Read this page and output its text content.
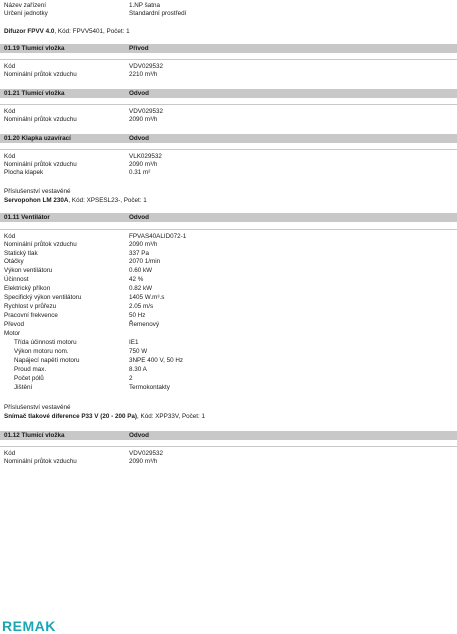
Název zařízení	1.NP šatna
Určení jednotky	Standardní prostředí
Difuzor FPVV 4.0, Kód: FPVV5401, Počet: 1
01.19 Tlumicí vložka	Přívod
Kód	VDV029532
Nominální průtok vzduchu	2210 m³/h
01.21 Tlumicí vložka	Odvod
Kód	VDV029532
Nominální průtok vzduchu	2090 m³/h
01.20 Klapka uzavírací	Odvod
Kód	VLK029532
Nominální průtok vzduchu	2090 m³/h
Plocha klapek	0.31 m²
Příslušenství vestavěné
Servopohon LM 230A, Kód: XPSESL23-, Počet: 1
01.11 Ventilátor	Odvod
Kód	FPVAS40ALID072-1
Nominální průtok vzduchu	2090 m³/h
Statický tlak	337 Pa
Otáčky	2070 1/min
Výkon ventilátoru	0.60 kW
Účinnost	42 %
Elektrický příkon	0.82 kW
Specifický výkon ventilátoru	1405 W.m³.s
Rychlost v průřezu	2.05 m/s
Pracovní frekvence	50 Hz
Převod	Řemenový
Motor
Třída účinnosti motoru	IE1
Výkon motoru nom.	750 W
Napájecí napětí motoru	3NPE 400 V, 50 Hz
Proud max.	8.30 A
Počet pólů	2
Jištění	Termokontakty
Příslušenství vestavěné
Snímač tlakové diference P33 V (20 - 200 Pa), Kód: XPP33V, Počet: 1
01.12 Tlumicí vložka	Odvod
Kód	VDV029532
Nominální průtok vzduchu	2090 m³/h
REMAK
